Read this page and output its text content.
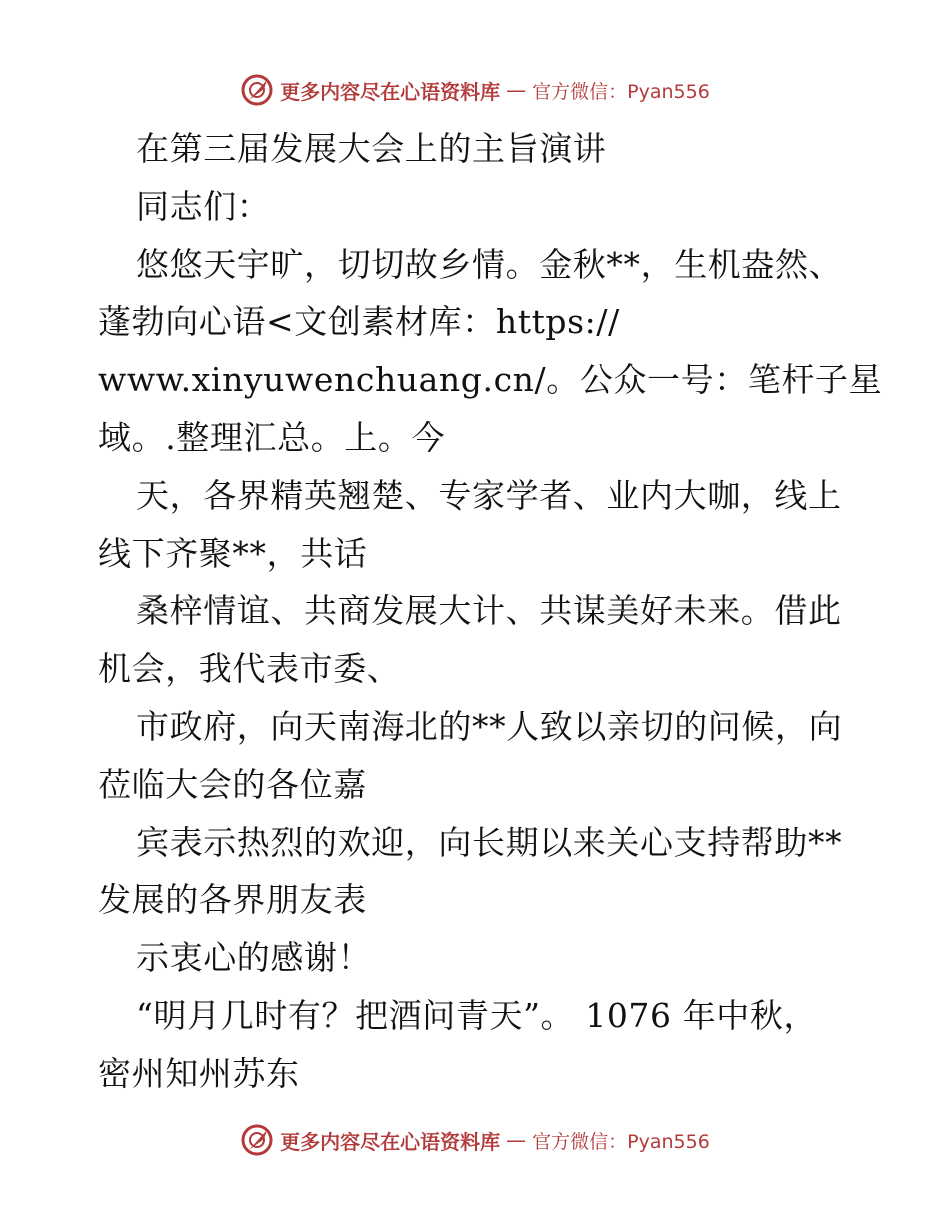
更多内容尽在心语资料库 — 官方微信：Pyan556
在第三届发展大会上的主旨演讲
同志们：
悠悠天宇旷，切切故乡情。金秋**，生机盎然、
蓬勃向心语<文创素材库：https://
www.xinyuwenchuang.cn/。公众一号：笔杆子星
域。.整理汇总。上。今
天，各界精英翘楚、专家学者、业内大咖，线上
线下齐聚**，共话
桑梓情谊、共商发展大计、共谋美好未来。借此
机会，我代表市委、
市政府，向天南海北的**人致以亲切的问候，向
莅临大会的各位嘉
宾表示热烈的欢迎，向长期以来关心支持帮助**
发展的各界朋友表
示衷心的感谢！
“明月几时有？把酒问青天”。 1076 年中秋，
密州知州苏东
更多内容尽在心语资料库 — 官方微信：Pyan556
